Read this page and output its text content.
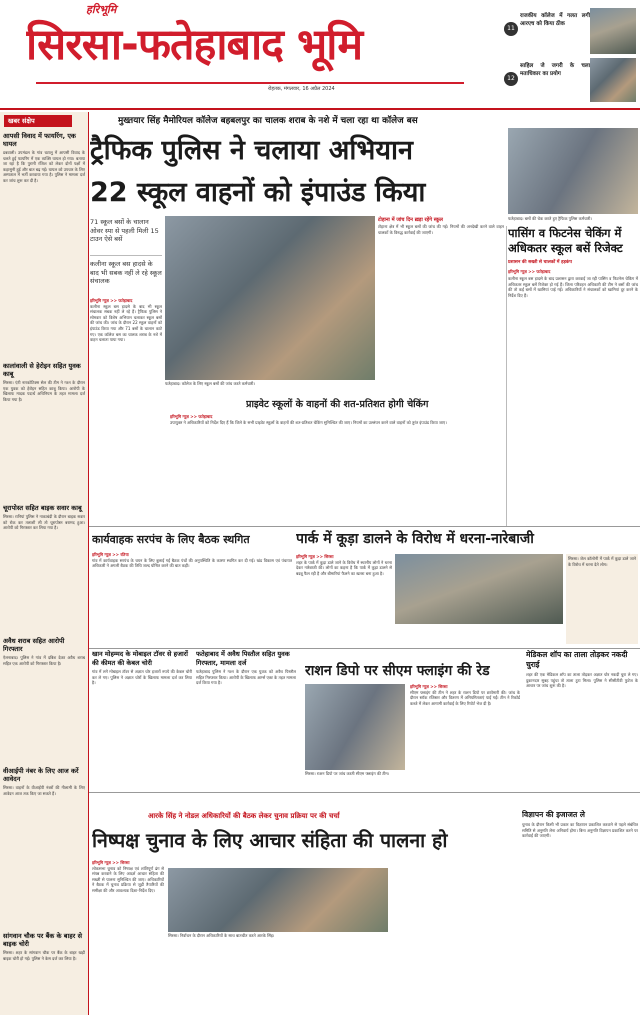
हरिभूमि
सिरसा-फतेहाबाद भूमि
रोहतक, मंगलवार, 16 अप्रैल 2024
11
राजकीय कॉलेज में गलत लगी आरएच को किया ठीक
12
साहिल जे जगरी के चला मताधिकार का प्रयोग
खबर संक्षेप
आपसी विवाद में फायरिंग, एक घायल
डबवाली। उपमंडल के गांव चटालू में आपसी विवाद के चलते हुई फायरिंग में एक व्यक्ति घायल हो गया। बताया जा रहा है कि पुरानी रंजिश को लेकर दोनों पक्षों में कहासुनी हुई और बात बढ़ गई। घायल को उपचार के लिए अस्पताल में भर्ती करवाया गया है। पुलिस ने मामला दर्ज कर जांच शुरू कर दी है।
कालांवाली से हेरोइन सहित युवक काबू
सिरसा। एंटी नारकोटिक्स सेल की टीम ने गश्त के दौरान एक युवक को हेरोइन सहित काबू किया। आरोपी के खिलाफ मादक पदार्थ अधिनियम के तहत मामला दर्ज किया गया है।
चूरापोस्त सहित बाइक सवार काबू
सिरसा। रानियां पुलिस ने नाकाबंदी के दौरान बाइक सवार को रोक कर तलाशी ली तो चूरापोस्त बरामद हुआ। आरोपी को गिरफ्तार कर लिया गया है।
अवैध शराब सहित आरोपी गिरफ्तार
ऐलनाबाद। पुलिस ने गांव में दबिश देकर अवैध शराब सहित एक आरोपी को गिरफ्तार किया है।
वीआईपी नंबर के लिए आज करें आवेदन
सिरसा। वाहनों के वीआईपी नंबरों की नीलामी के लिए आवेदन आज तक किए जा सकते हैं।
सांगवान चौक पर बैंक के बाहर से बाइक चोरी
सिरसा। शहर के सांगवान चौक पर बैंक के बाहर खड़ी बाइक चोरी हो गई। पुलिस ने केस दर्ज कर लिया है।
मुख्तयार सिंह मैमोरियल कॉलेज बहबलपुर का चालक शराब के नशे में चला रहा था कॉलेज बस
ट्रैफिक पुलिस ने चलाया अभियान
22 स्कूल वाहनों को इंपाउंड किया
फतेहाबाद। बसों की चेक करते हुए ट्रैफिक पुलिस कर्मचारी।
71 स्कूल बसों के चालान ओवर स्पा से पहली मिली 15 टाउन ऐसे बसें
कलीना स्कूल बस हादसे के बाद भी सबक नहीं ले रहे स्कूल संचालक
फतेहाबाद। कॉलेज के लिए स्कूल बसों की जांच करते कर्मचारी।
टोहाना में जांच दिन ख़ड़ा रहेंगे स्कूल
टोहाना क्षेत्र में भी स्कूल बसों की जांच की गई। नियमों की अनदेखी करने वाले वाहन चालकों के विरुद्ध कार्रवाई की जाएगी।
हरिभूमि न्यूज़ >> फतेहाबाद
कलीना स्कूल बस हादसे के बाद भी स्कूल संचालक सबक नहीं ले रहे हैं। ट्रैफिक पुलिस ने सोमवार को विशेष अभियान चलाकर स्कूल बसों की जांच की। जांच के दौरान 22 स्कूल वाहनों को इंपाउंड किया गया और 71 बसों के चालान काटे गए। एक कॉलेज बस का चालक शराब के नशे में वाहन चलाता पाया गया।
पासिंग व फिटनेस चेकिंग में अधिकतर स्कूल बसें रिजेक्ट
प्रशासन की सख्ती से चालकों में हड़कंप
हरिभूमि न्यूज़ >> फतेहाबाद
कलीना स्कूल बस हादसे के बाद प्रशासन द्वारा करवाई जा रही पासिंग व फिटनेस चेकिंग में अधिकतर स्कूल बसें रिजेक्ट हो गई हैं। जिला परिवहन अधिकारी की टीम ने बसों की जांच की तो कई बसों में खामियां पाई गईं। अधिकारियों ने संचालकों को खामियां दूर करने के निर्देश दिए हैं।
प्राइवेट स्कूलों के वाहनों की शत-प्रतिशत होगी चेकिंग
हरिभूमि न्यूज़ >> फतेहाबाद
उपायुक्त ने अधिकारियों को निर्देश दिए हैं कि जिले के सभी प्राइवेट स्कूलों के वाहनों की शत-प्रतिशत चेकिंग सुनिश्चित की जाए। नियमों का उल्लंघन करने वाले वाहनों को तुरंत इंपाउंड किया जाए।
कार्यवाहक सरपंच के लिए बैठक स्थगित
हरिभूमि न्यूज़ >> रतिया
गांव में कार्यवाहक सरपंच के चयन के लिए बुलाई गई बैठक पंचों की अनुपस्थिति के कारण स्थगित कर दी गई। खंड विकास एवं पंचायत अधिकारी ने अगली बैठक की तिथि जल्द घोषित करने की बात कही।
पार्क में कूड़ा डालने के विरोध में धरना-नारेबाजी
सिरसा। जेल कॉलोनी में पार्क में कूड़ा डाले जाने के विरोध में धरना देते लोग।
हरिभूमि न्यूज़ >> सिरसा
शहर के पार्क में कूड़ा डाले जाने के विरोध में स्थानीय लोगों ने धरना देकर नारेबाजी की। लोगों का कहना है कि पार्क में कूड़ा डालने से बदबू फैल रही है और बीमारियां फैलने का खतरा बना हुआ है।
खान मोहम्मद के मोबाइल टॉवर से हजारों की कीमत की केबल चोरी
गांव में लगे मोबाइल टॉवर से अज्ञात चोर हजारों रुपये की केबल चोरी कर ले गए। पुलिस ने अज्ञात चोरों के खिलाफ मामला दर्ज कर लिया है।
फतेहाबाद में अवैध पिस्तौल सहित युवक गिरफ्तार, मामला दर्ज
फतेहाबाद पुलिस ने गश्त के दौरान एक युवक को अवैध पिस्तौल सहित गिरफ्तार किया। आरोपी के खिलाफ आर्म्स एक्ट के तहत मामला दर्ज किया गया है।
राशन डिपो पर सीएम फ्लाइंग की रेड
हरिभूमि न्यूज़ >> सिरसा
सीएम फ्लाइंग की टीम ने शहर के राशन डिपो पर छापेमारी की। जांच के दौरान स्टॉक रजिस्टर और वितरण में अनियमितताएं पाई गईं। टीम ने रिकॉर्ड कब्जे में लेकर आगामी कार्रवाई के लिए रिपोर्ट भेज दी है।
सिरसा। राशन डिपो पर जांच करती सीएम फ्लाइंग की टीम।
मेडिकल शॉप का ताला तोड़कर नकदी चुराई
शहर की एक मेडिकल शॉप का ताला तोड़कर अज्ञात चोर नकदी चुरा ले गए। दुकानदार सुबह पहुंचा तो ताला टूटा मिला। पुलिस ने सीसीटीवी फुटेज के आधार पर जांच शुरू की है।
आरके सिंह ने नोडल अधिकारियों की बैठक लेकर चुनाव प्रक्रिया पर की चर्चा
निष्पक्ष चुनाव के लिए आचार संहिता की पालना हो
हरिभूमि न्यूज़ >> सिरसा
लोकसभा चुनाव को निष्पक्ष एवं शांतिपूर्ण ढंग से संपन्न करवाने के लिए आदर्श आचार संहिता की सख्ती से पालना सुनिश्चित की जाए। अधिकारियों ने बैठक में चुनाव प्रक्रिया से जुड़ी तैयारियों की समीक्षा की और आवश्यक दिशा-निर्देश दिए।
सिरसा। निर्वाचन के दौरान अधिकारियों के साथ बातचीत करते आरके सिंह।
विज्ञापन की इजाजत ले
चुनाव के दौरान किसी भी प्रकार का विज्ञापन प्रकाशित करवाने से पहले संबंधित समिति से अनुमति लेना अनिवार्य होगा। बिना अनुमति विज्ञापन प्रकाशित करने पर कार्रवाई की जाएगी।
